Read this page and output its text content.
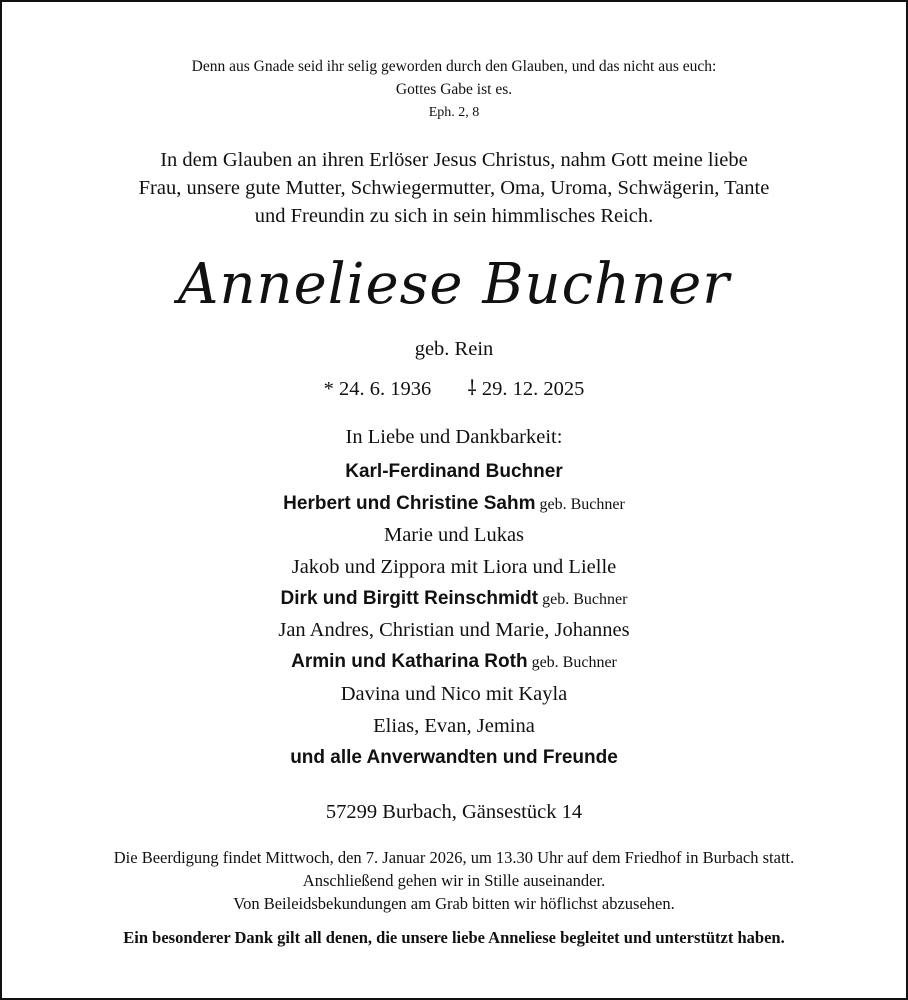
Denn aus Gnade seid ihr selig geworden durch den Glauben, und das nicht aus euch:
Gottes Gabe ist es.
Eph. 2, 8
In dem Glauben an ihren Erlöser Jesus Christus, nahm Gott meine liebe
Frau, unsere gute Mutter, Schwiegermutter, Oma, Uroma, Schwägerin, Tante
und Freundin zu sich in sein himmlisches Reich.
Anneliese Buchner
geb. Rein
* 24. 6. 1936 ⸸ 29. 12. 2025
In Liebe und Dankbarkeit:
Karl-Ferdinand Buchner
Herbert und Christine Sahm geb. Buchner
Marie und Lukas
Jakob und Zippora mit Liora und Lielle
Dirk und Birgitt Reinschmidt geb. Buchner
Jan Andres, Christian und Marie, Johannes
Armin und Katharina Roth geb. Buchner
Davina und Nico mit Kayla
Elias, Evan, Jemina
und alle Anverwandten und Freunde
57299 Burbach, Gänsestück 14
Die Beerdigung findet Mittwoch, den 7. Januar 2026, um 13.30 Uhr auf dem Friedhof in Burbach statt.
Anschließend gehen wir in Stille auseinander.
Von Beileidsbekundungen am Grab bitten wir höflichst abzusehen.
Ein besonderer Dank gilt all denen, die unsere liebe Anneliese begleitet und unterstützt haben.
